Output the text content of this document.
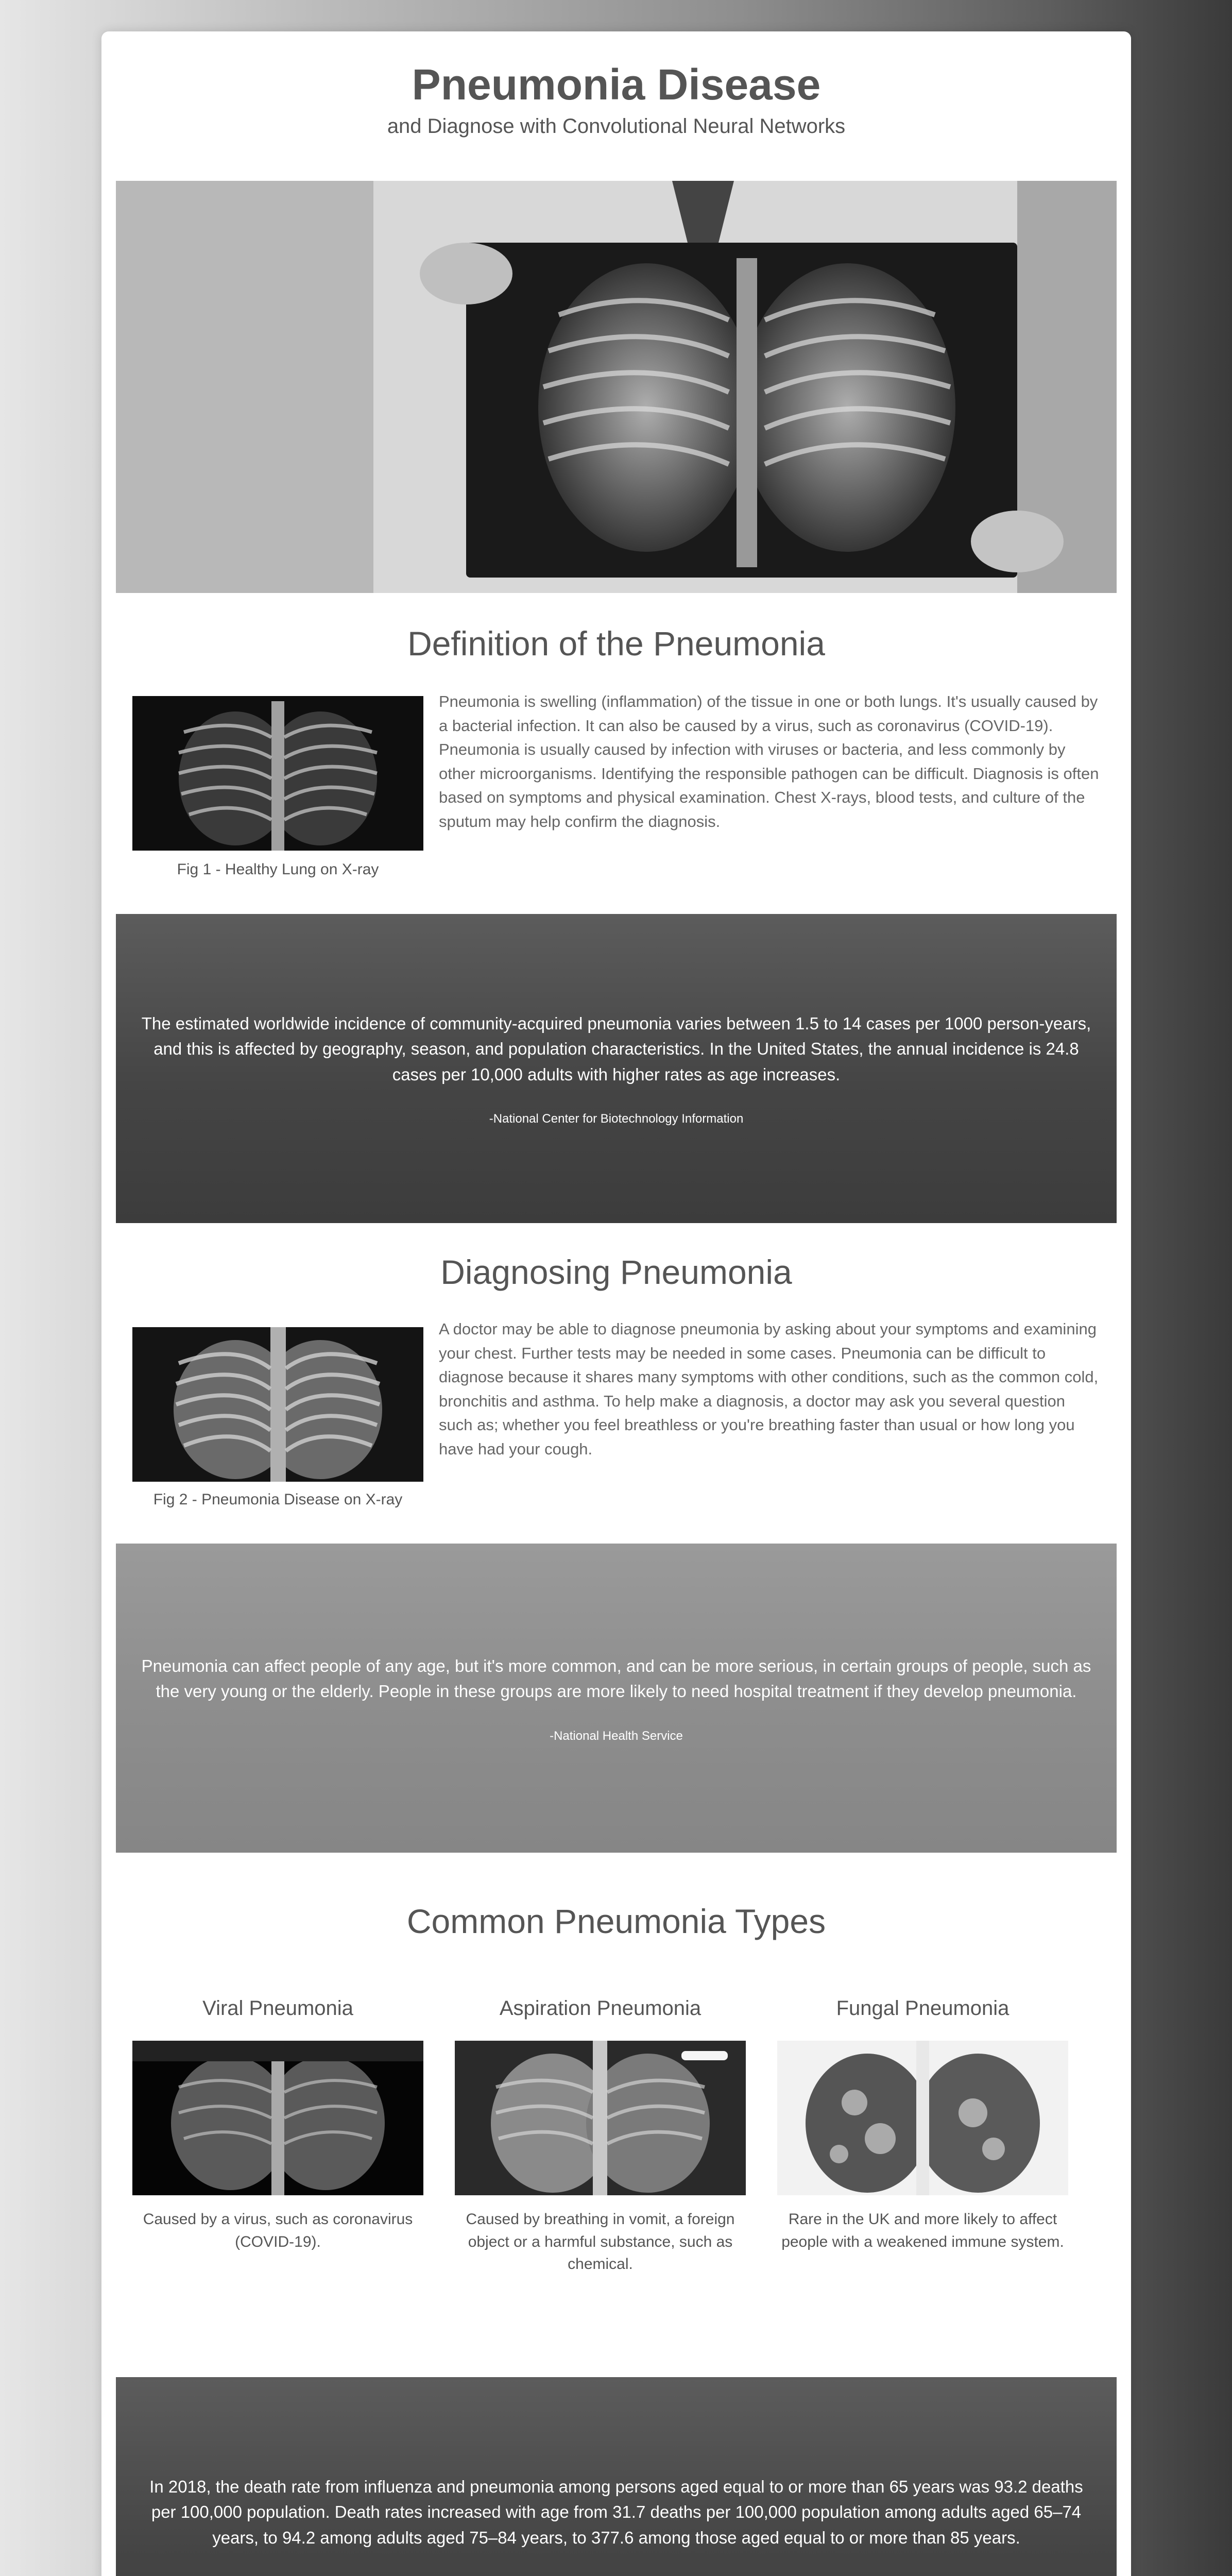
Pneumonia Disease
and Diagnose with Convolutional Neural Networks
Definition of the Pneumonia
Fig 1 - Healthy Lung on X-ray
Pneumonia is swelling (inflammation) of the tissue in one or both lungs. It's usually caused by a bacterial infection. It can also be caused by a virus, such as coronavirus (COVID-19). Pneumonia is usually caused by infection with viruses or bacteria, and less commonly by other microorganisms. Identifying the responsible pathogen can be difficult. Diagnosis is often based on symptoms and physical examination. Chest X-rays, blood tests, and culture of the sputum may help confirm the diagnosis.
The estimated worldwide incidence of community-acquired pneumonia varies between 1.5 to 14 cases per 1000 person-years, and this is affected by geography, season, and population characteristics. In the United States, the annual incidence is 24.8 cases per 10,000 adults with higher rates as age increases.
-National Center for Biotechnology Information
Diagnosing Pneumonia
Fig 2 - Pneumonia Disease on X-ray
A doctor may be able to diagnose pneumonia by asking about your symptoms and examining your chest. Further tests may be needed in some cases. Pneumonia can be difficult to diagnose because it shares many symptoms with other conditions, such as the common cold, bronchitis and asthma. To help make a diagnosis, a doctor may ask you several question such as; whether you feel breathless or you're breathing faster than usual or how long you have had your cough.
Pneumonia can affect people of any age, but it's more common, and can be more serious, in certain groups of people, such as the very young or the elderly. People in these groups are more likely to need hospital treatment if they develop pneumonia.
-National Health Service
Common Pneumonia Types
Viral Pneumonia
Caused by a virus, such as coronavirus (COVID-19).
Aspiration Pneumonia
Caused by breathing in vomit, a foreign object or a harmful substance, such as chemical.
Fungal Pneumonia
Rare in the UK and more likely to affect people with a weakened immune system.
In 2018, the death rate from influenza and pneumonia among persons aged equal to or more than 65 years was 93.2 deaths per 100,000 population. Death rates increased with age from 31.7 deaths per 100,000 population among adults aged 65–74 years, to 94.2 among adults aged 75–84 years, to 377.6 among those aged equal to or more than 85 years.
